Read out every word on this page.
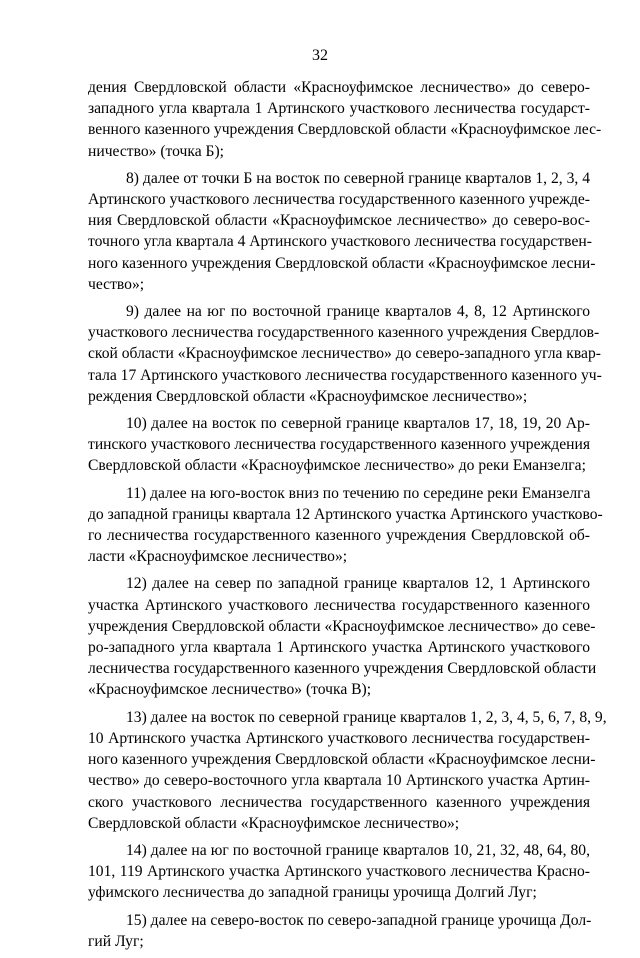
32

дения Свердловской области «Красноуфимское лесничество» до северо-
западного угла квартала 1 Артинского участкового лесничества государст-
венного казенного учреждения Свердловской области «Красноуфимское лес-
ничество» (точка Б);

8) далее от точки Б на восток по северной границе кварталов 1, 2, 3, 4
Артинского участкового лесничества государственного казенного учрежде-
ния Свердловской области «Красноуфимское лесничество» до северо-вос-
точного угла квартала 4 Артинского участкового лесничества государствен-
ного казенного учреждения Свердловской области «Красноуфимское лесни-
чество»;

9) далее на юг по восточной границе кварталов 4, 8, 12 Артинского
участкового лесничества государственного казенного учреждения Свердлов-
ской области «Красноуфимское лесничество» до северо-западного угла квар-
тала 17 Артинского участкового лесничества государственного казенного уч-
реждения Свердловской области «Красноуфимское лесничество»;

10) далее на восток по северной границе кварталов 17, 18, 19, 20 Ар-
тинского участкового лесничества государственного казенного учреждения
Свердловской области «Красноуфимское лесничество» до реки Еманзелга;

11) далее на юго-восток вниз по течению по середине реки Еманзелга
до западной границы квартала 12 Артинского участка Артинского участково-
го лесничества государственного казенного учреждения Свердловской об-
ласти «Красноуфимское лесничество»;

12) далее на север по западной границе кварталов 12, 1 Артинского
участка Артинского участкового лесничества государственного казенного
учреждения Свердловской области «Красноуфимское лесничество» до севе-
ро-западного угла квартала 1 Артинского участка Артинского участкового
лесничества государственного казенного учреждения Свердловской области
«Красноуфимское лесничество» (точка В);

13) далее на восток по северной границе кварталов 1, 2, 3, 4, 5, 6, 7, 8, 9,
10 Артинского участка Артинского участкового лесничества государствен-
ного казенного учреждения Свердловской области «Красноуфимское лесни-
чество» до северо-восточного угла квартала 10 Артинского участка Артин-
ского участкового лесничества государственного казенного учреждения
Свердловской области «Красноуфимское лесничество»;

14) далее на юг по восточной границе кварталов 10, 21, 32, 48, 64, 80,
101, 119 Артинского участка Артинского участкового лесничества Красно-
уфимского лесничества до западной границы урочища Долгий Луг;

15) далее на северо-восток по северо-западной границе урочища Дол-
гий Луг;
